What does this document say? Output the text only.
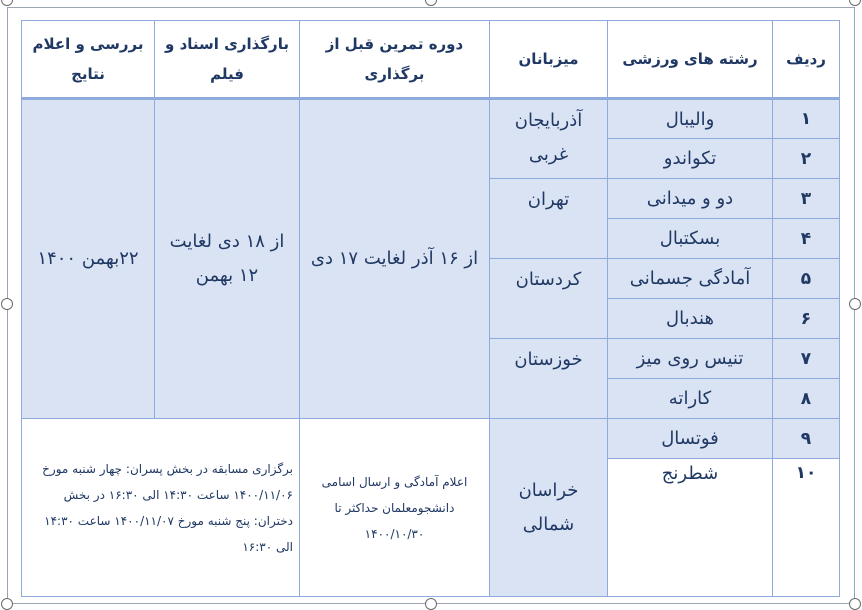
ردیف	رشته های ورزشی	میزبانان	دوره تمرین قبل از برگذاری	بارگذاری اسناد و فیلم	بررسی و اعلام نتایج
۱	والیبال	آذربایجان غربی	از ۱۶ آذر لغایت ۱۷ دی	از ۱۸ دی لغایت ۱۲ بهمن	۲۲بهمن ۱۴۰۰
۲	تکواندو				
۳	دو و میدانی	تهران			
۴	بسکتبال				
۵	آمادگی جسمانی	کردستان			
۶	هندبال				
۷	تنیس روی میز	خوزستان			
۸	کاراته				
۹	فوتسال	خراسان شمالی	اعلام آمادگی و ارسال اسامی دانشجومعلمان حداکثر تا ۱۴۰۰/۱۰/۳۰	برگزاری مسابقه در بخش پسران: چهار شنبه مورخ ۱۴۰۰/۱۱/۰۶ ساعت ۱۴:۳۰ الی ۱۶:۳۰ در بخش دختران: پنج شنبه مورخ ۱۴۰۰/۱۱/۰۷ ساعت ۱۴:۳۰ الی ۱۶:۳۰	
۱۰	شطرنج				
